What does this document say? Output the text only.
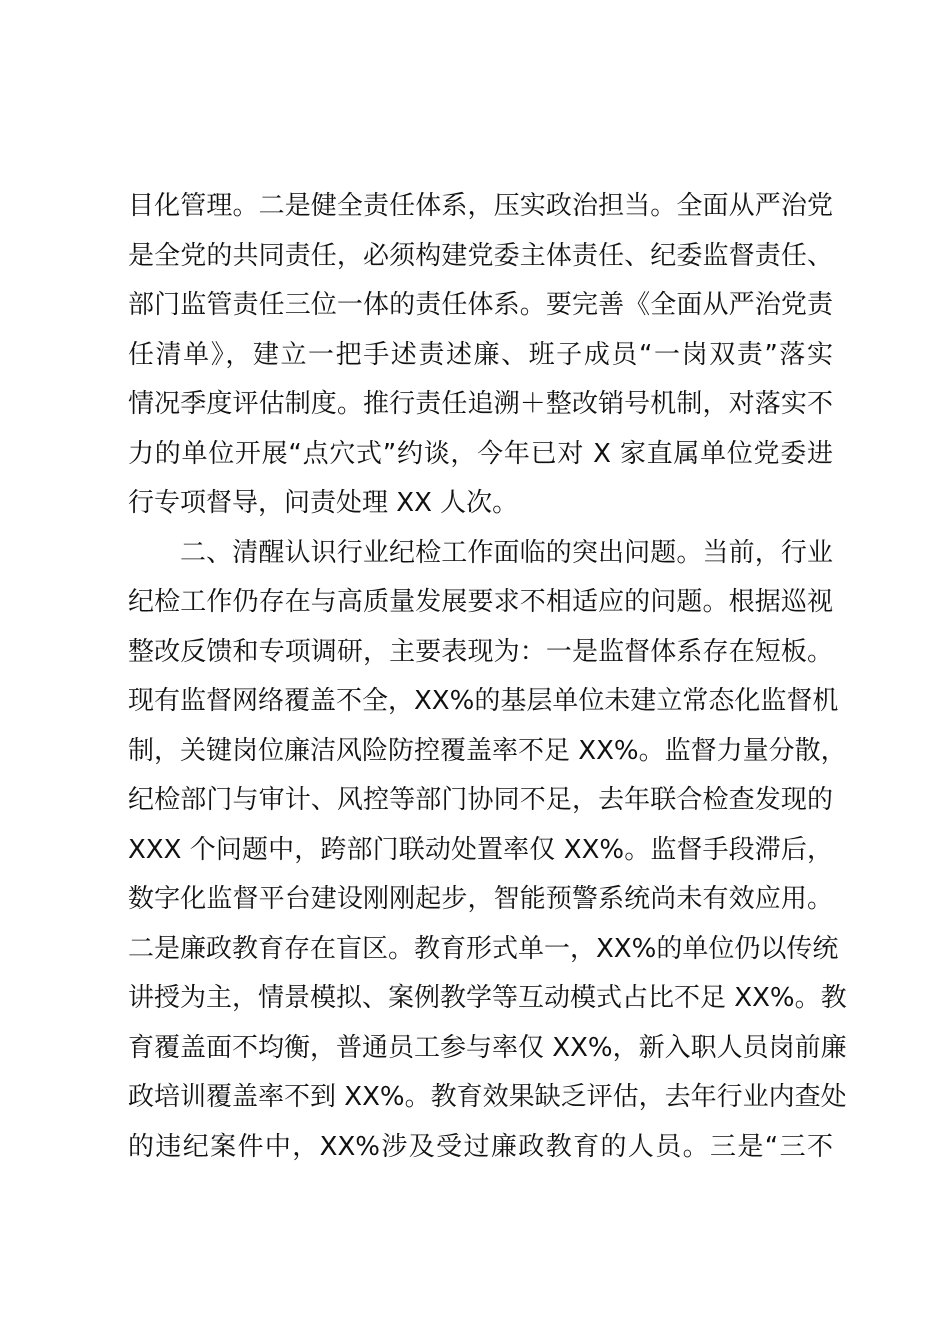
目化管理。二是健全责任体系，压实政治担当。全面从严治党
是全党的共同责任，必须构建党委主体责任、纪委监督责任、
部门监管责任三位一体的责任体系。要完善《全面从严治党责
任清单》，建立一把手述责述廉、班子成员“一岗双责”落实
情况季度评估制度。推行责任追溯＋整改销号机制，对落实不
力的单位开展“点穴式”约谈，今年已对 X 家直属单位党委进
行专项督导，问责处理 XX 人次。
二、清醒认识行业纪检工作面临的突出问题。当前，行业
纪检工作仍存在与高质量发展要求不相适应的问题。根据巡视
整改反馈和专项调研，主要表现为：一是监督体系存在短板。
现有监督网络覆盖不全，XX%的基层单位未建立常态化监督机
制，关键岗位廉洁风险防控覆盖率不足 XX%。监督力量分散，
纪检部门与审计、风控等部门协同不足，去年联合检查发现的
XXX 个问题中，跨部门联动处置率仅 XX%。监督手段滞后，
数字化监督平台建设刚刚起步，智能预警系统尚未有效应用。
二是廉政教育存在盲区。教育形式单一，XX%的单位仍以传统
讲授为主，情景模拟、案例教学等互动模式占比不足 XX%。教
育覆盖面不均衡，普通员工参与率仅 XX%，新入职人员岗前廉
政培训覆盖率不到 XX%。教育效果缺乏评估，去年行业内查处
的违纪案件中，XX%涉及受过廉政教育的人员。三是“三不
